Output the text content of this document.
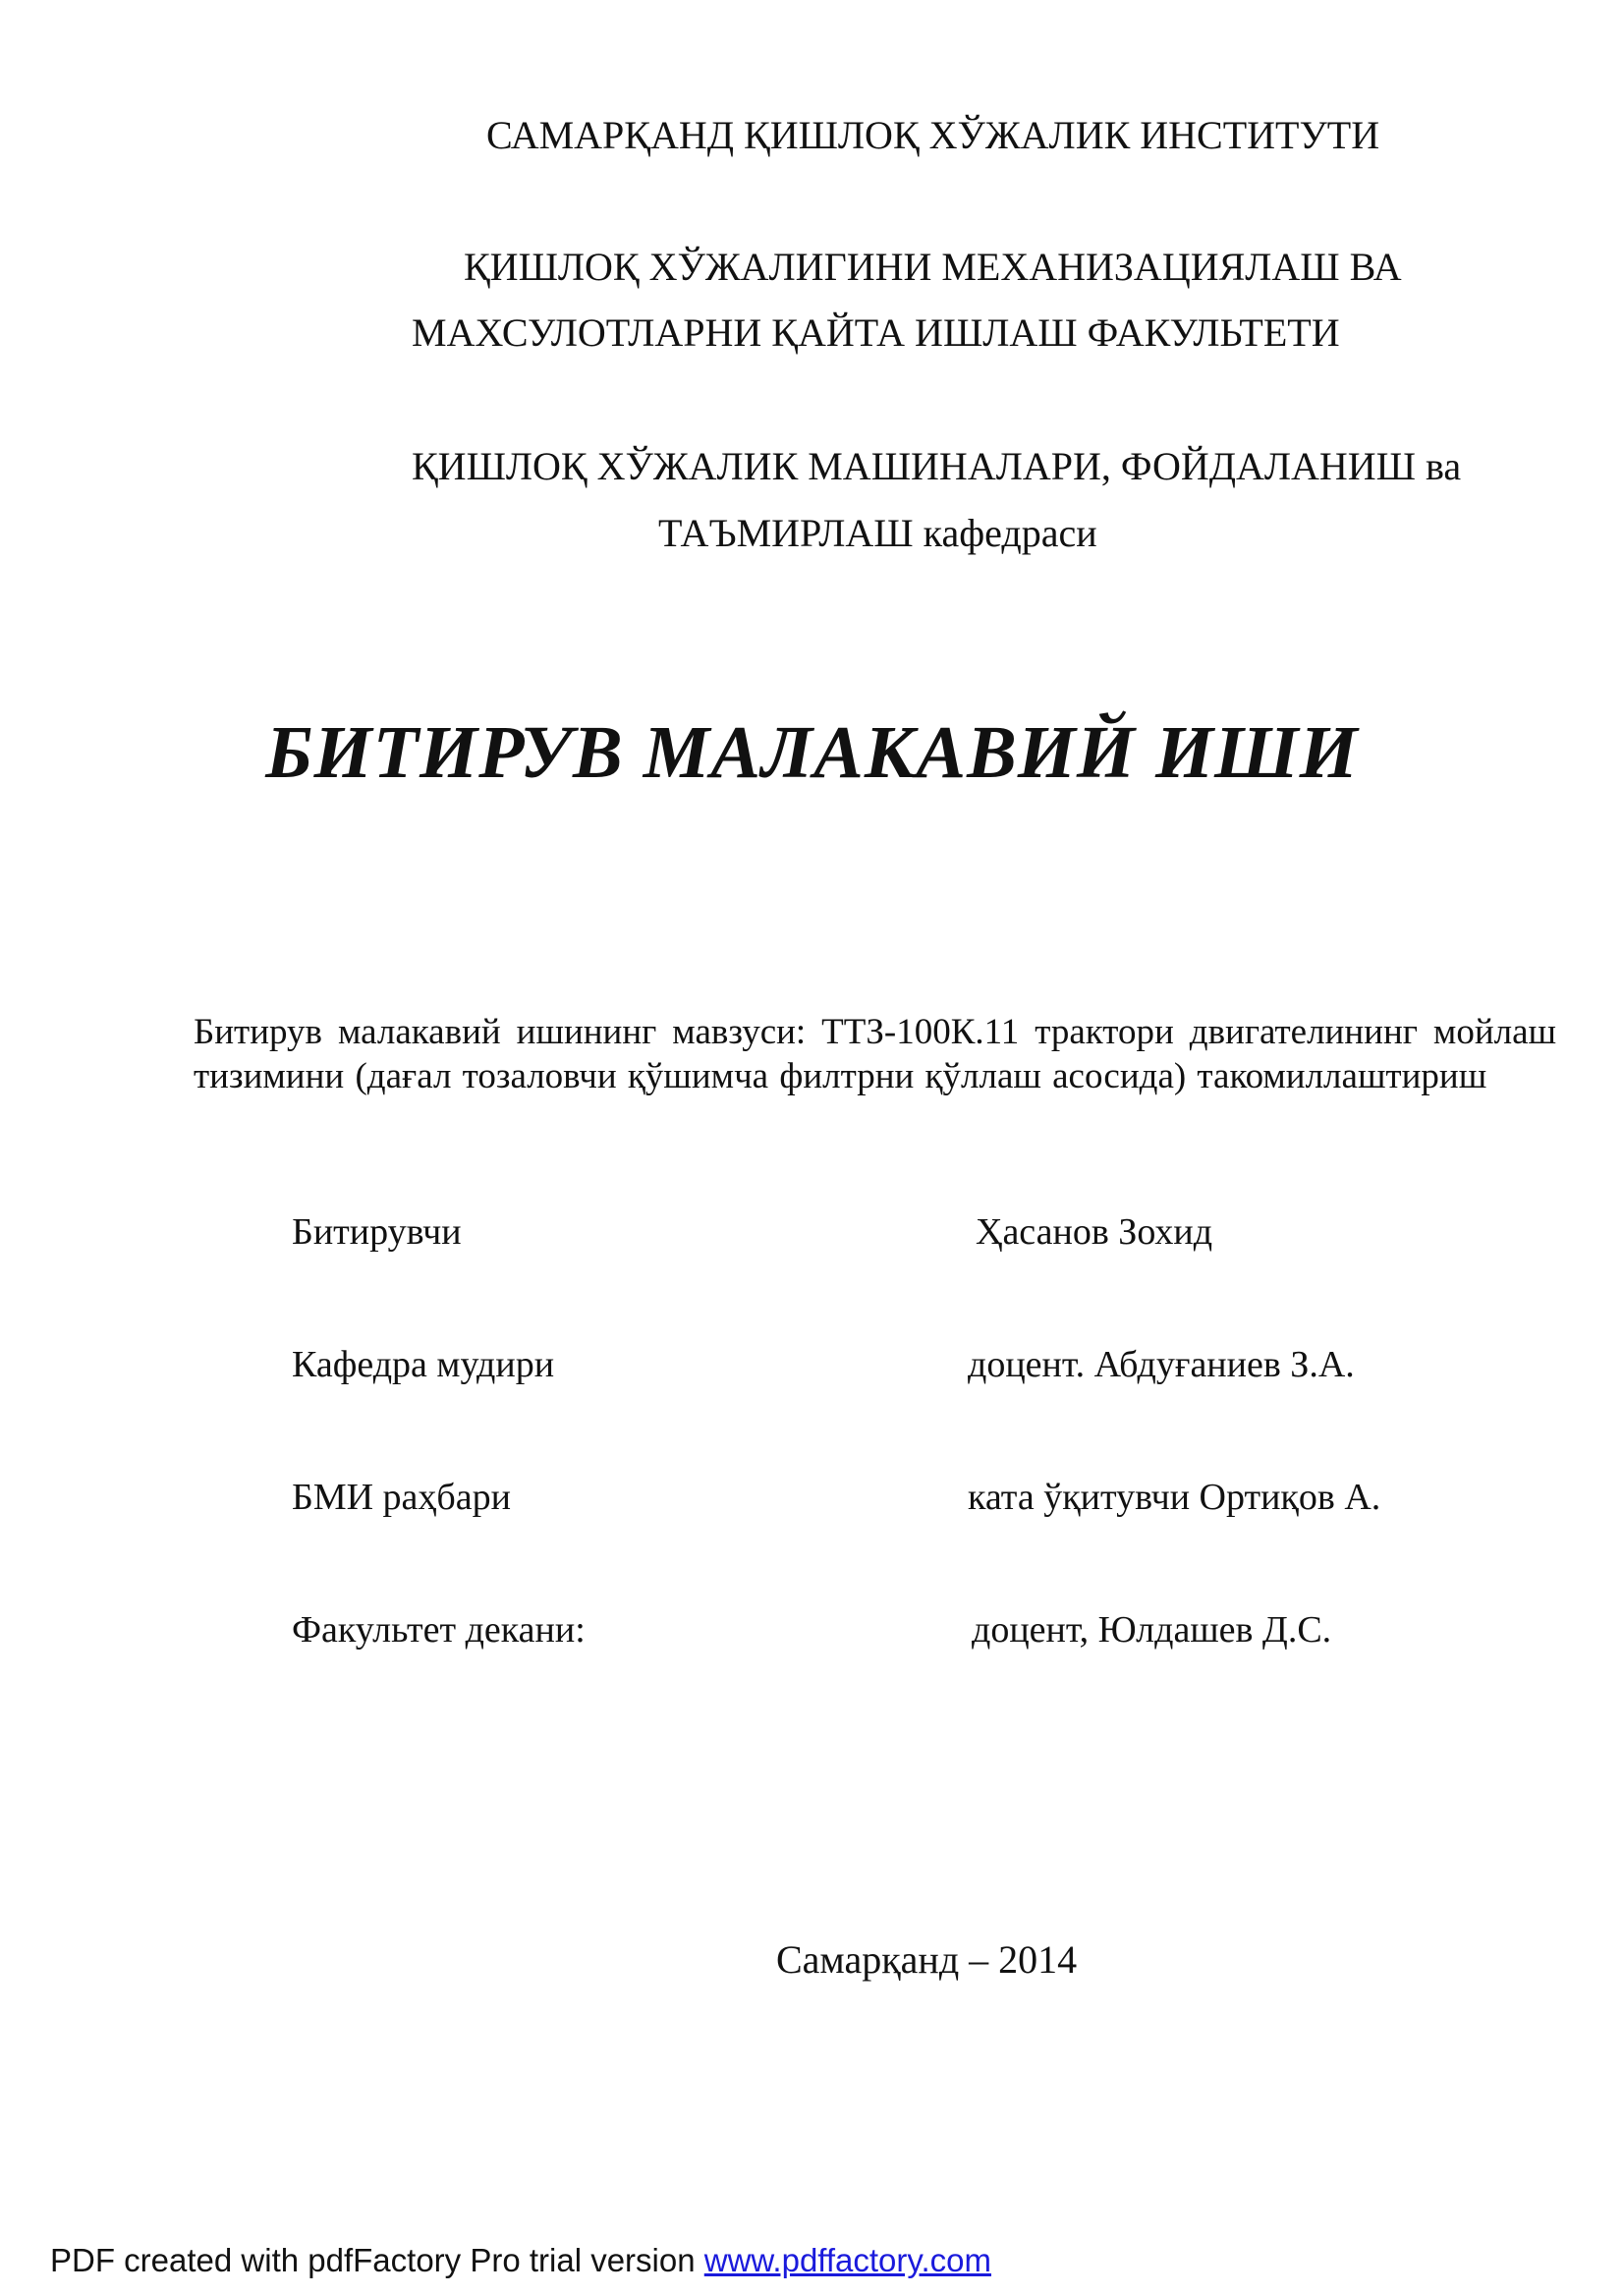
САМАРҚАНД ҚИШЛОҚ ХЎЖАЛИК ИНСТИТУТИ
ҚИШЛОҚ ХЎЖАЛИГИНИ МЕХАНИЗАЦИЯЛАШ ВА
МАХСУЛОТЛАРНИ ҚАЙТА ИШЛАШ ФАКУЛЬТЕТИ
ҚИШЛОҚ ХЎЖАЛИК МАШИНАЛАРИ, ФОЙДАЛАНИШ ва
ТАЪМИРЛАШ кафедраси
БИТИРУВ МАЛАКАВИЙ ИШИ
Битирув малакавий ишининг мавзуси: ТТЗ-100К.11 трактори двигателининг мойлаш тизимини (дағал тозаловчи қўшимча филтрни қўллаш асосида) такомиллаштириш
Битирувчи	Ҳасанов Зохид
Кафедра мудири	доцент. Абдуғаниев З.А.
БМИ раҳбари	ката ўқитувчи Ортиқов А.
Факультет декани:	доцент, Юлдашев Д.С.
Самарқанд – 2014
PDF created with pdfFactory Pro trial version www.pdffactory.com
